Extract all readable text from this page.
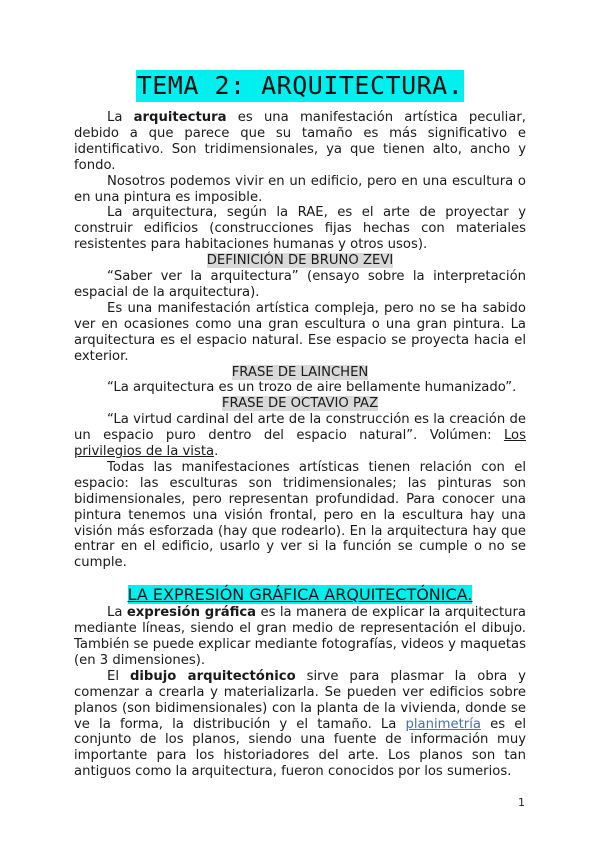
TEMA 2: ARQUITECTURA.

La arquitectura es una manifestación artística peculiar, debido a que parece que su tamaño es más significativo e identificativo. Son tridimensionales, ya que tienen alto, ancho y fondo.

Nosotros podemos vivir en un edificio, pero en una escultura o en una pintura es imposible.

La arquitectura, según la RAE, es el arte de proyectar y construir edificios (construcciones fijas hechas con materiales resistentes para habitaciones humanas y otros usos).

DEFINICIÓN DE BRUNO ZEVI

“Saber ver la arquitectura” (ensayo sobre la interpretación espacial de la arquitectura).

Es una manifestación artística compleja, pero no se ha sabido ver en ocasiones como una gran escultura o una gran pintura. La arquitectura es el espacio natural. Ese espacio se proyecta hacia el exterior.

FRASE DE LAINCHEN

“La arquitectura es un trozo de aire bellamente humanizado”.

FRASE DE OCTAVIO PAZ

“La virtud cardinal del arte de la construcción es la creación de un espacio puro dentro del espacio natural”. Volúmen: Los privilegios de la vista.

Todas las manifestaciones artísticas tienen relación con el espacio: las esculturas son tridimensionales; las pinturas son bidimensionales, pero representan profundidad. Para conocer una pintura tenemos una visión frontal, pero en la escultura hay una visión más esforzada (hay que rodearlo). En la arquitectura hay que entrar en el edificio, usarlo y ver si la función se cumple o no se cumple.

LA EXPRESIÓN GRÁFICA ARQUITECTÓNICA.

La expresión gráfica es la manera de explicar la arquitectura mediante líneas, siendo el gran medio de representación el dibujo. También se puede explicar mediante fotografías, videos y maquetas (en 3 dimensiones).

El dibujo arquitectónico sirve para plasmar la obra y comenzar a crearla y materializarla. Se pueden ver edificios sobre planos (son bidimensionales) con la planta de la vivienda, donde se ve la forma, la distribución y el tamaño. La planimetría es el conjunto de los planos, siendo una fuente de información muy importante para los historiadores del arte. Los planos son tan antiguos como la arquitectura, fueron conocidos por los sumerios.

1
